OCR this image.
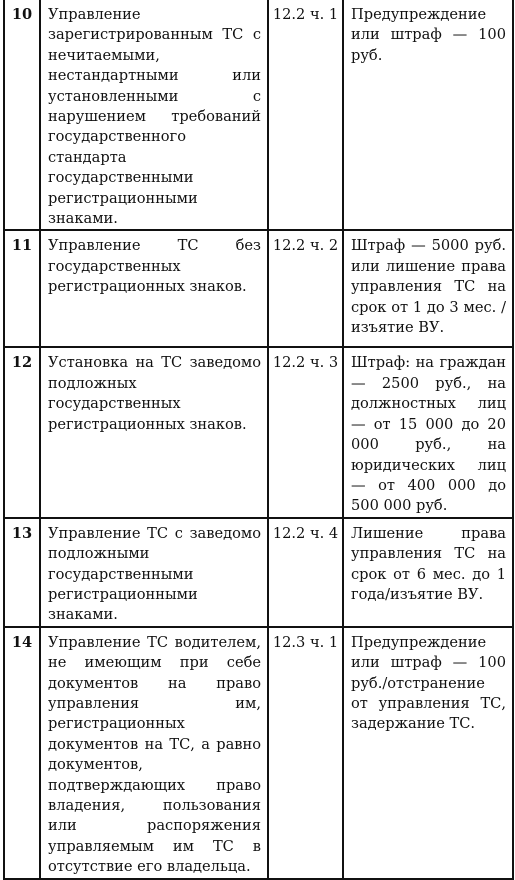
10	Управление зарегистрированным ТС с нечитаемыми, нестандартными или установленными с нарушением требований государственного стандарта государственными регистрационными знаками.	12.2 ч. 1	Предупреждение или штраф — 100 руб.
11	Управление ТС без государственных регистрационных знаков.	12.2 ч. 2	Штраф — 5000 руб. или лишение права управления ТС на срок от 1 до 3 мес. / изъятие ВУ.
12	Установка на ТС заведомо подложных государственных регистрационных знаков.	12.2 ч. 3	Штраф: на граждан — 2500 руб., на должностных лиц — от 15 000 до 20 000 руб., на юридических лиц — от 400 000 до 500 000 руб.
13	Управление ТС с заведомо подложными государственными регистрационными знаками.	12.2 ч. 4	Лишение права управления ТС на срок от 6 мес. до 1 года/изъятие ВУ.
14	Управление ТС водителем, не имеющим при себе документов на право управления им, регистрационных документов на ТС, а равно документов, подтверждающих право владения, пользования или распоряжения управляемым им ТС в отсутствие его владельца.	12.3 ч. 1	Предупреждение или штраф — 100 руб./отстранение от управления ТС, задержание ТС.
